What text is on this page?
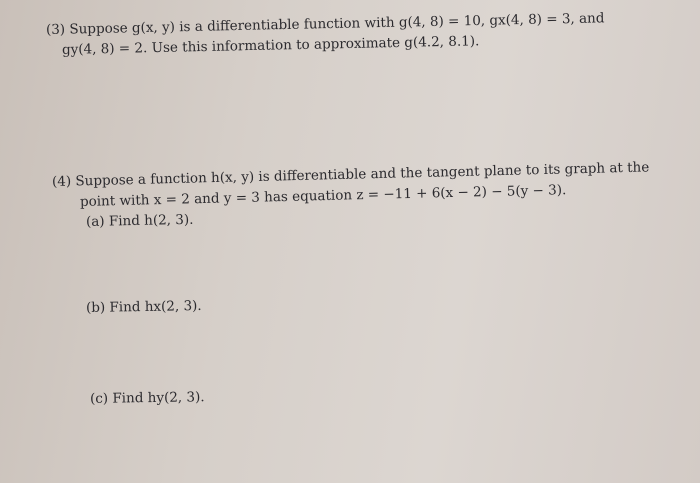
(3) Suppose g(x, y) is a differentiable function with g(4, 8) = 10, gx(4, 8) = 3, and
gy(4, 8) = 2. Use this information to approximate g(4.2, 8.1).
(4) Suppose a function h(x, y) is differentiable and the tangent plane to its graph at the
point with x = 2 and y = 3 has equation z = −11 + 6(x − 2) − 5(y − 3).
(a) Find h(2, 3).
(b) Find hx(2, 3).
(c) Find hy(2, 3).
